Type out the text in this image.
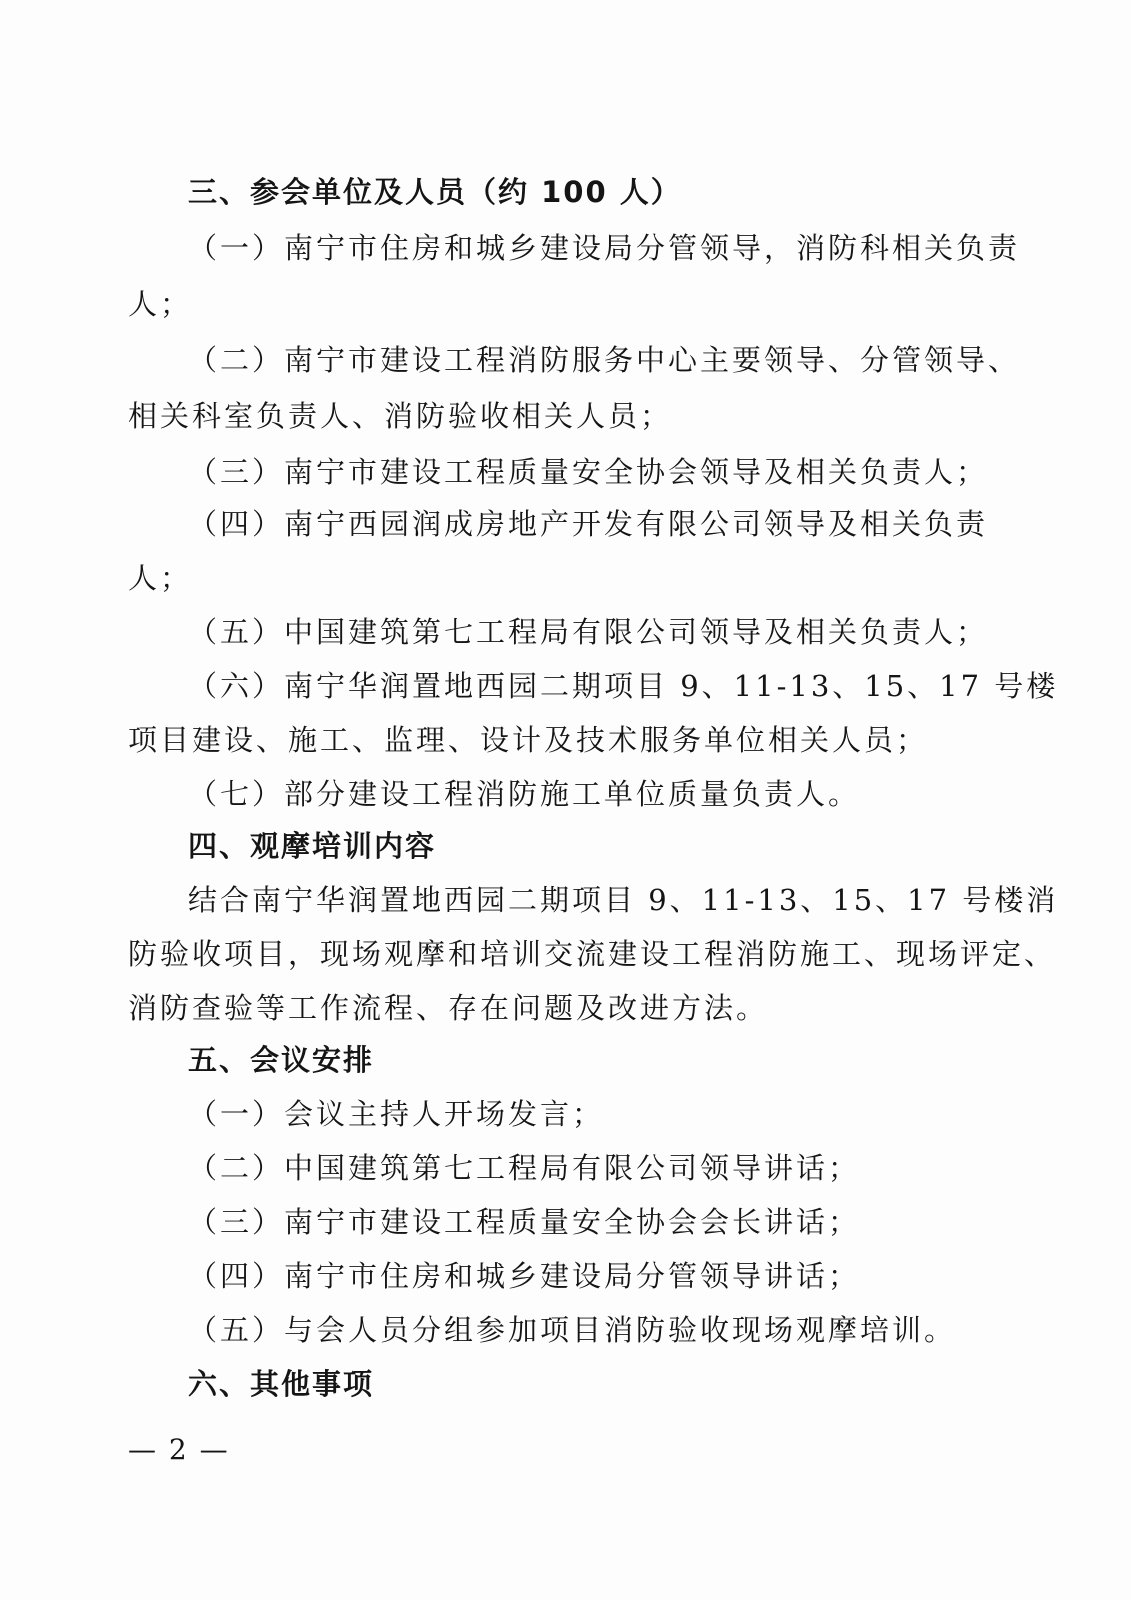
三、参会单位及人员（约 100 人）

（一）南宁市住房和城乡建设局分管领导，消防科相关负责

人；

（二）南宁市建设工程消防服务中心主要领导、分管领导、

相关科室负责人、消防验收相关人员；

（三）南宁市建设工程质量安全协会领导及相关负责人；

（四）南宁西园润成房地产开发有限公司领导及相关负责

人；

（五）中国建筑第七工程局有限公司领导及相关负责人；

（六）南宁华润置地西园二期项目 9、11-13、15、17 号楼

项目建设、施工、监理、设计及技术服务单位相关人员；

（七）部分建设工程消防施工单位质量负责人。

四、观摩培训内容

结合南宁华润置地西园二期项目 9、11-13、15、17 号楼消

防验收项目，现场观摩和培训交流建设工程消防施工、现场评定、

消防查验等工作流程、存在问题及改进方法。

五、会议安排

（一）会议主持人开场发言；

（二）中国建筑第七工程局有限公司领导讲话；

（三）南宁市建设工程质量安全协会会长讲话；

（四）南宁市住房和城乡建设局分管领导讲话；

（五）与会人员分组参加项目消防验收现场观摩培训。

六、其他事项

— 2 —
